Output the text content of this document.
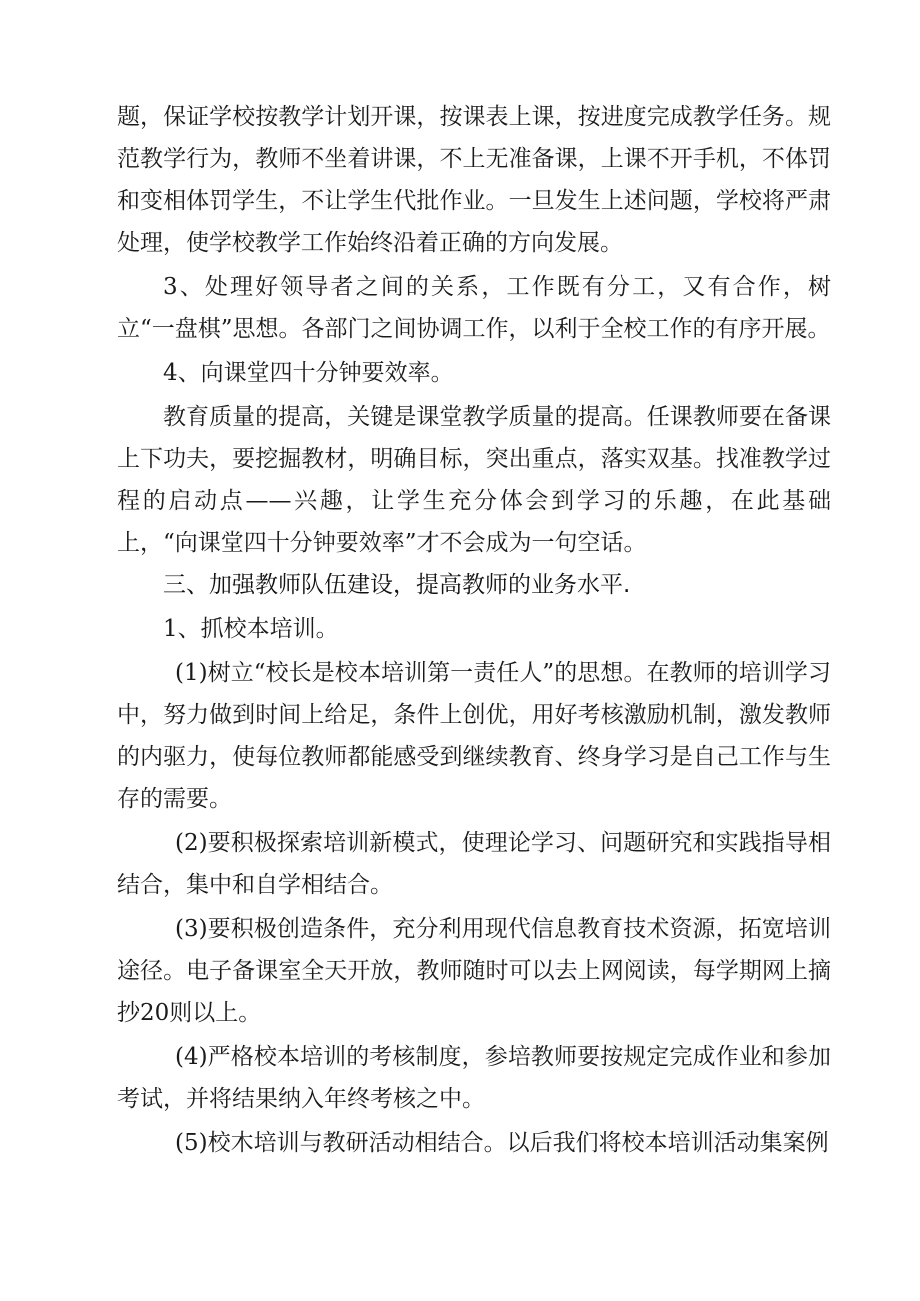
题，保证学校按教学计划开课，按课表上课，按进度完成教学任务。规范教学行为，教师不坐着讲课，不上无准备课，上课不开手机，不体罚和变相体罚学生，不让学生代批作业。一旦发生上述问题，学校将严肃处理，使学校教学工作始终沿着正确的方向发展。

3、处理好领导者之间的关系，工作既有分工，又有合作，树立“一盘棋”思想。各部门之间协调工作，以利于全校工作的有序开展。

4、向课堂四十分钟要效率。

教育质量的提高，关键是课堂教学质量的提高。任课教师要在备课上下功夫，要挖掘教材，明确目标，突出重点，落实双基。找准教学过程的启动点——兴趣，让学生充分体会到学习的乐趣，在此基础上，“向课堂四十分钟要效率”才不会成为一句空话。

三、加强教师队伍建设，提高教师的业务水平.

1、抓校本培训。

(1)树立“校长是校本培训第一责任人”的思想。在教师的培训学习中，努力做到时间上给足，条件上创优，用好考核激励机制，激发教师的内驱力，使每位教师都能感受到继续教育、终身学习是自己工作与生存的需要。

(2)要积极探索培训新模式，使理论学习、问题研究和实践指导相结合，集中和自学相结合。

(3)要积极创造条件，充分利用现代信息教育技术资源，拓宽培训途径。电子备课室全天开放，教师随时可以去上网阅读，每学期网上摘抄20则以上。

(4)严格校本培训的考核制度，参培教师要按规定完成作业和参加考试，并将结果纳入年终考核之中。

(5)校木培训与教研活动相结合。以后我们将校本培训活动集案例
